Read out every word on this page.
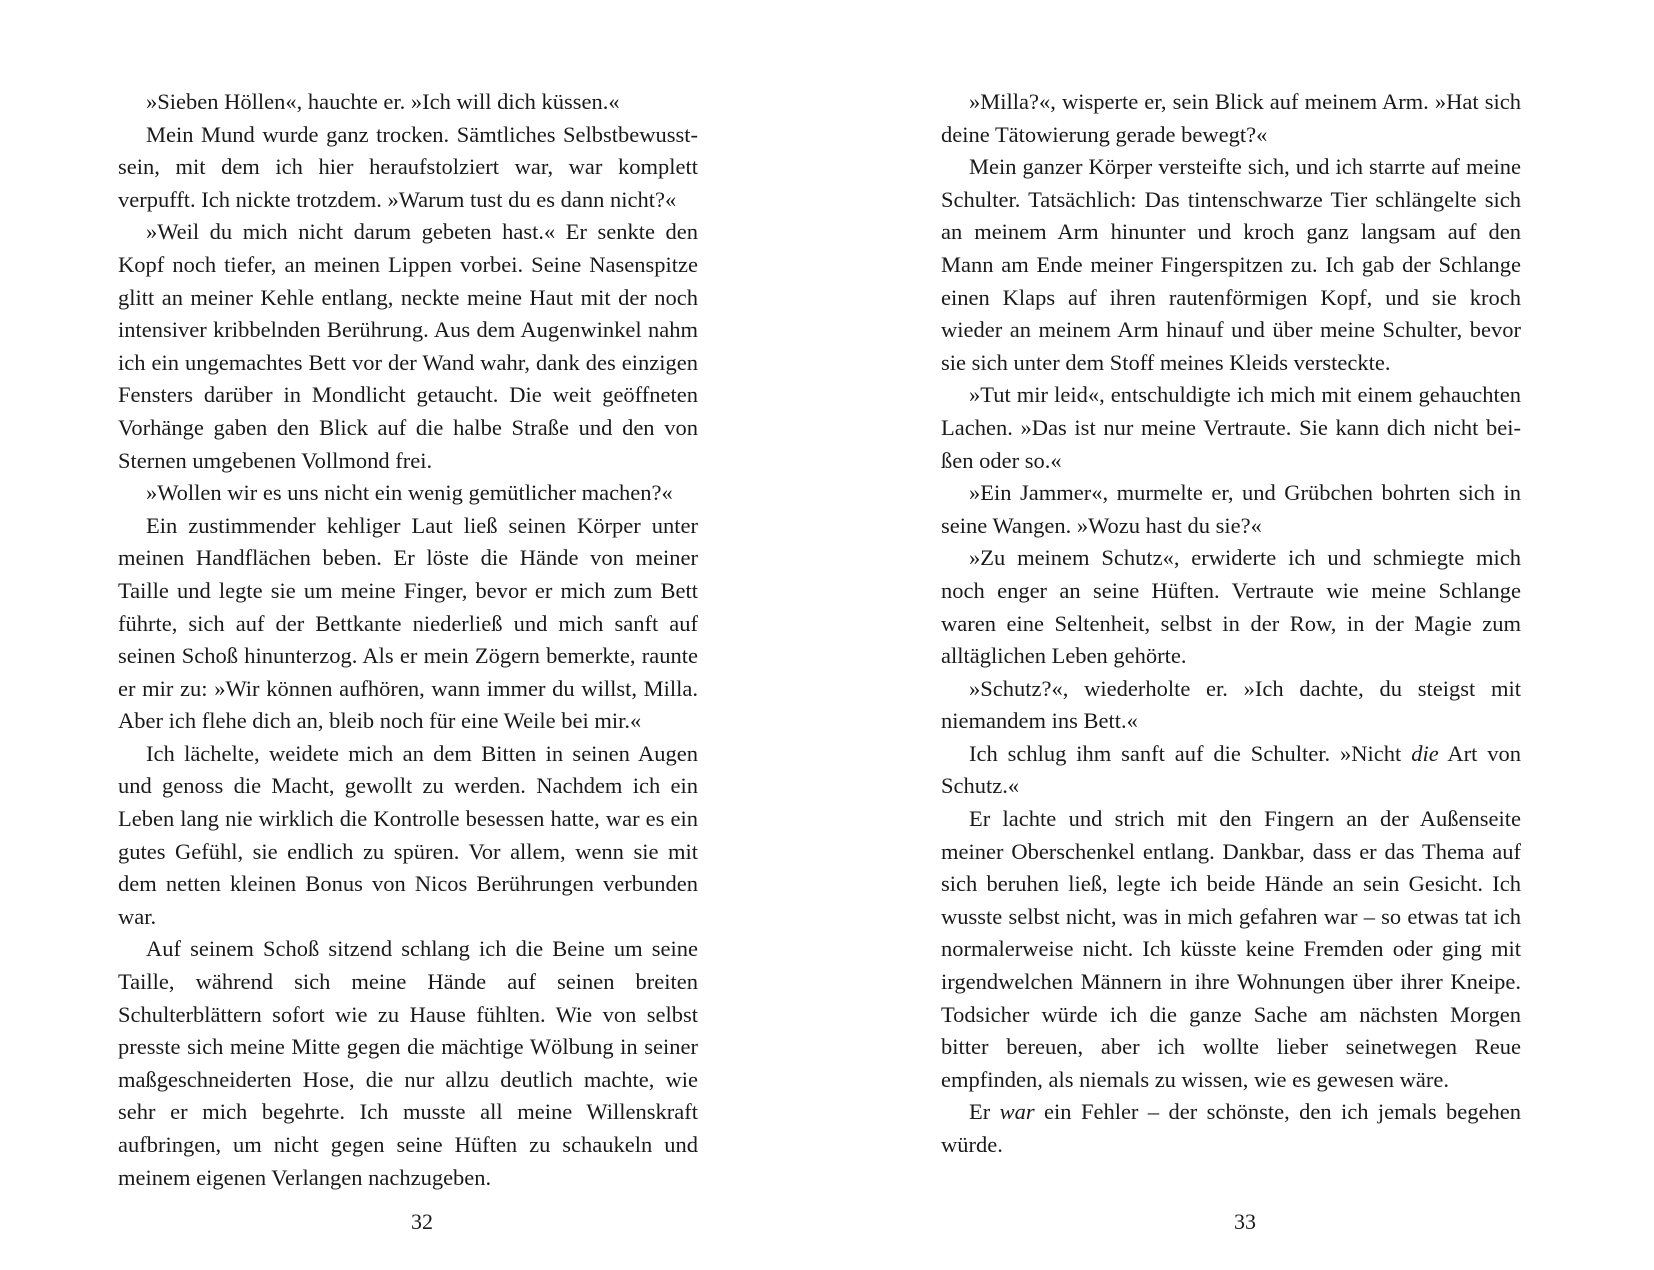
»Sieben Höllen«, hauchte er. »Ich will dich küssen.«

Mein Mund wurde ganz trocken. Sämtliches Selbstbewusstsein, mit dem ich hier heraufstolziert war, war komplett verpufft. Ich nickte trotzdem. »Warum tust du es dann nicht?«

»Weil du mich nicht darum gebeten hast.« Er senkte den Kopf noch tiefer, an meinen Lippen vorbei. Seine Nasenspitze glitt an meiner Kehle entlang, neckte meine Haut mit der noch intensiver kribbelnden Berührung. Aus dem Augenwinkel nahm ich ein ungemachtes Bett vor der Wand wahr, dank des einzigen Fensters darüber in Mondlicht getaucht. Die weit geöffneten Vorhänge gaben den Blick auf die halbe Straße und den von Sternen umgebenen Vollmond frei.

»Wollen wir es uns nicht ein wenig gemütlicher machen?«

Ein zustimmender kehliger Laut ließ seinen Körper unter meinen Handflächen beben. Er löste die Hände von meiner Taille und legte sie um meine Finger, bevor er mich zum Bett führte, sich auf der Bettkante niederließ und mich sanft auf seinen Schoß hinunterzog. Als er mein Zögern bemerkte, raunte er mir zu: »Wir können aufhören, wann immer du willst, Milla. Aber ich flehe dich an, bleib noch für eine Weile bei mir.«

Ich lächelte, weidete mich an dem Bitten in seinen Augen und genoss die Macht, gewollt zu werden. Nachdem ich ein Leben lang nie wirklich die Kontrolle besessen hatte, war es ein gutes Gefühl, sie endlich zu spüren. Vor allem, wenn sie mit dem netten kleinen Bonus von Nicos Berührungen verbunden war.

Auf seinem Schoß sitzend schlang ich die Beine um seine Taille, während sich meine Hände auf seinen breiten Schulterblättern sofort wie zu Hause fühlten. Wie von selbst presste sich meine Mitte gegen die mächtige Wölbung in seiner maßgeschneiderten Hose, die nur allzu deutlich machte, wie sehr er mich begehrte. Ich musste all meine Willenskraft aufbringen, um nicht gegen seine Hüften zu schaukeln und meinem eigenen Verlangen nachzugeben.

32

»Milla?«, wisperte er, sein Blick auf meinem Arm. »Hat sich deine Tätowierung gerade bewegt?«

Mein ganzer Körper versteifte sich, und ich starrte auf meine Schulter. Tatsächlich: Das tintenschwarze Tier schlängelte sich an meinem Arm hinunter und kroch ganz langsam auf den Mann am Ende meiner Fingerspitzen zu. Ich gab der Schlange einen Klaps auf ihren rautenförmigen Kopf, und sie kroch wieder an meinem Arm hinauf und über meine Schulter, bevor sie sich unter dem Stoff meines Kleids versteckte.

»Tut mir leid«, entschuldigte ich mich mit einem gehauchten Lachen. »Das ist nur meine Vertraute. Sie kann dich nicht beißen oder so.«

»Ein Jammer«, murmelte er, und Grübchen bohrten sich in seine Wangen. »Wozu hast du sie?«

»Zu meinem Schutz«, erwiderte ich und schmiegte mich noch enger an seine Hüften. Vertraute wie meine Schlange waren eine Seltenheit, selbst in der Row, in der Magie zum alltäglichen Leben gehörte.

»Schutz?«, wiederholte er. »Ich dachte, du steigst mit niemandem ins Bett.«

Ich schlug ihm sanft auf die Schulter. »Nicht die Art von Schutz.«

Er lachte und strich mit den Fingern an der Außenseite meiner Oberschenkel entlang. Dankbar, dass er das Thema auf sich beruhen ließ, legte ich beide Hände an sein Gesicht. Ich wusste selbst nicht, was in mich gefahren war – so etwas tat ich normalerweise nicht. Ich küsste keine Fremden oder ging mit irgendwelchen Männern in ihre Wohnungen über ihrer Kneipe. Todsicher würde ich die ganze Sache am nächsten Morgen bitter bereuen, aber ich wollte lieber seinetwegen Reue empfinden, als niemals zu wissen, wie es gewesen wäre.

Er war ein Fehler – der schönste, den ich jemals begehen würde.

33
